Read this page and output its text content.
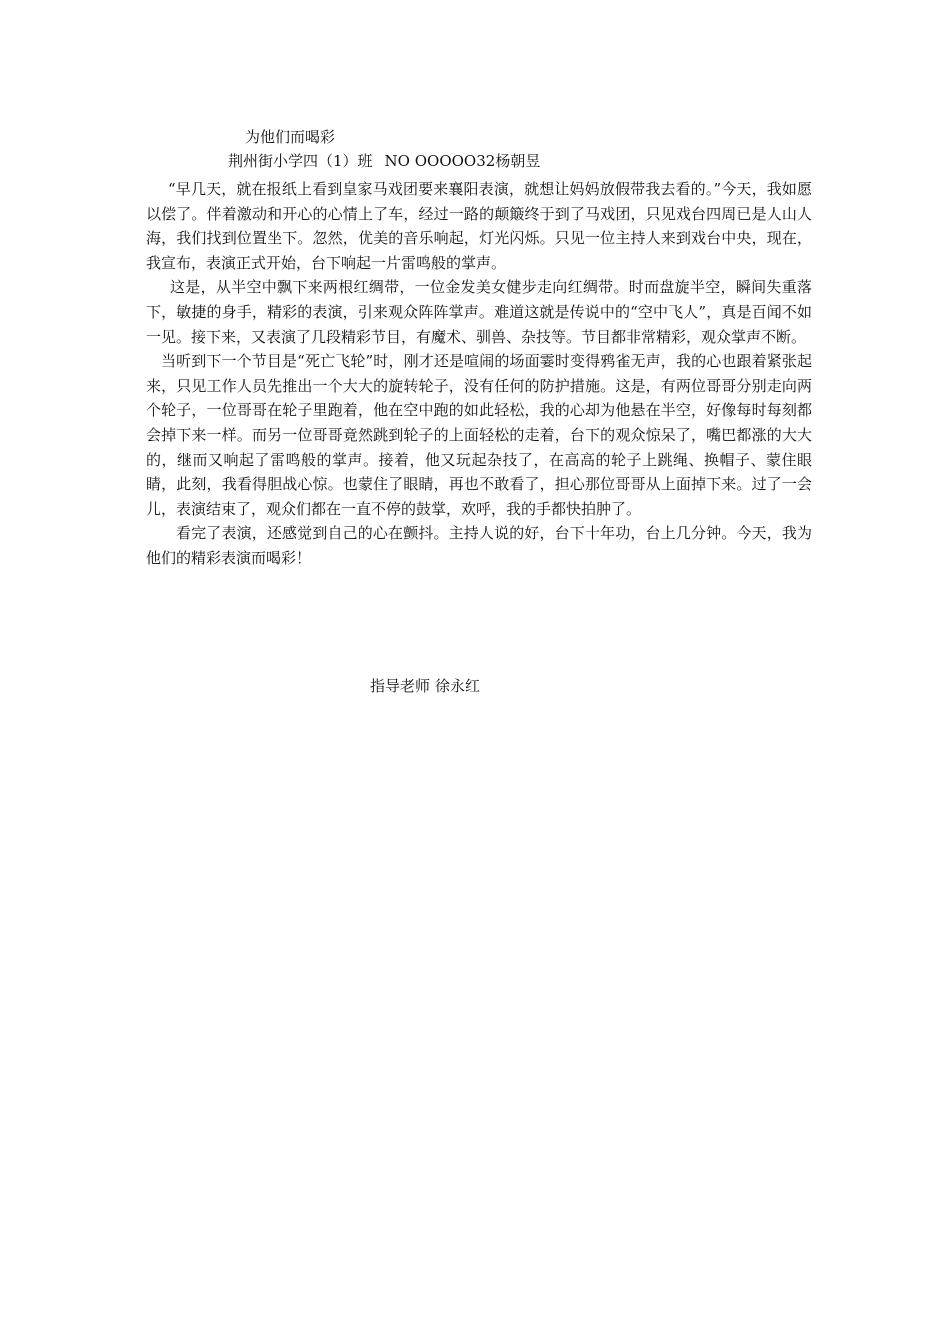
为他们而喝彩
荆州街小学四（1）班 NO OOOOO32杨朝昱

“早几天，就在报纸上看到皇家马戏团要来襄阳表演，就想让妈妈放假带我去看的。”今天，我如愿以偿了。伴着激动和开心的心情上了车，经过一路的颠簸终于到了马戏团，只见戏台四周已是人山人海，我们找到位置坐下。忽然，优美的音乐响起，灯光闪烁。只见一位主持人来到戏台中央，现在，我宣布，表演正式开始，台下响起一片雷鸣般的掌声。

这是，从半空中飘下来两根红绸带，一位金发美女健步走向红绸带。时而盘旋半空，瞬间失重落下，敏捷的身手，精彩的表演，引来观众阵阵掌声。难道这就是传说中的“空中飞人”，真是百闻不如一见。接下来，又表演了几段精彩节目，有魔术、驯兽、杂技等。节目都非常精彩，观众掌声不断。

当听到下一个节目是“死亡飞轮”时，刚才还是喧闹的场面霎时变得鸦雀无声，我的心也跟着紧张起来，只见工作人员先推出一个大大的旋转轮子，没有任何的防护措施。这是，有两位哥哥分别走向两个轮子，一位哥哥在轮子里跑着，他在空中跑的如此轻松，我的心却为他悬在半空，好像每时每刻都会掉下来一样。而另一位哥哥竟然跳到轮子的上面轻松的走着，台下的观众惊呆了，嘴巴都涨的大大的，继而又响起了雷鸣般的掌声。接着，他又玩起杂技了，在高高的轮子上跳绳、换帽子、蒙住眼睛，此刻，我看得胆战心惊。也蒙住了眼睛，再也不敢看了，担心那位哥哥从上面掉下来。过了一会儿，表演结束了，观众们都在一直不停的鼓掌，欢呼，我的手都快拍肿了。

看完了表演，还感觉到自己的心在颤抖。主持人说的好，台下十年功，台上几分钟。今天，我为他们的精彩表演而喝彩！

指导老师 徐永红
